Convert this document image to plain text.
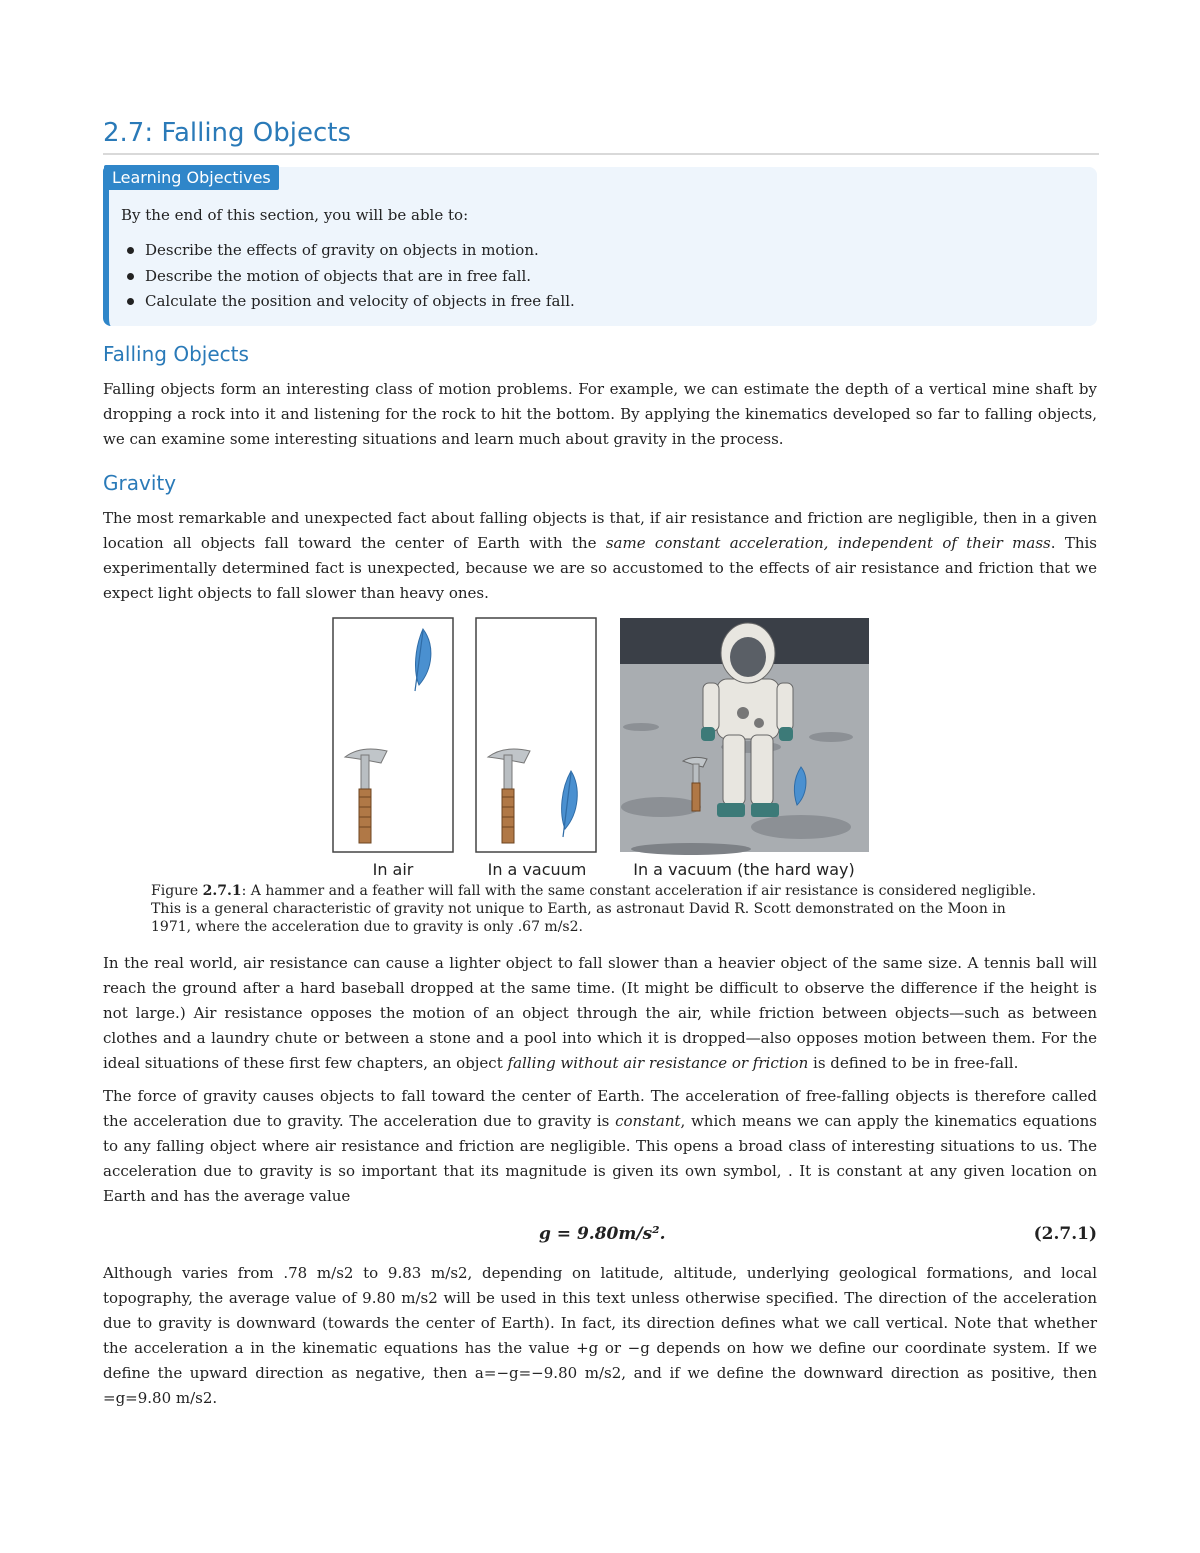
2.7: Falling Objects
Learning Objectives
By the end of this section, you will be able to:
Describe the effects of gravity on objects in motion.
Describe the motion of objects that are in free fall.
Calculate the position and velocity of objects in free fall.
Falling Objects

Falling objects form an interesting class of motion problems. For example, we can estimate the depth of a vertical mine shaft by dropping a rock into it and listening for the rock to hit the bottom. By applying the kinematics developed so far to falling objects, we can examine some interesting situations and learn much about gravity in the process.

Gravity

The most remarkable and unexpected fact about falling objects is that, if air resistance and friction are negligible, then in a given location all objects fall toward the center of Earth with the same constant acceleration, independent of their mass. This experimentally determined fact is unexpected, because we are so accustomed to the effects of air resistance and friction that we expect light objects to fall slower than heavy ones.

In air	In a vacuum	In a vacuum (the hard way)

Figure 2.7.1: A hammer and a feather will fall with the same constant acceleration if air resistance is considered negligible. This is a general characteristic of gravity not unique to Earth, as astronaut David R. Scott demonstrated on the Moon in 1971, where the acceleration due to gravity is only .67 m/s2.

In the real world, air resistance can cause a lighter object to fall slower than a heavier object of the same size. A tennis ball will reach the ground after a hard baseball dropped at the same time. (It might be difficult to observe the difference if the height is not large.) Air resistance opposes the motion of an object through the air, while friction between objects—such as between clothes and a laundry chute or between a stone and a pool into which it is dropped—also opposes motion between them. For the ideal situations of these first few chapters, an object falling without air resistance or friction is defined to be in free-fall.

The force of gravity causes objects to fall toward the center of Earth. The acceleration of free-falling objects is therefore called the acceleration due to gravity. The acceleration due to gravity is constant, which means we can apply the kinematics equations to any falling object where air resistance and friction are negligible. This opens a broad class of interesting situations to us. The acceleration due to gravity is so important that its magnitude is given its own symbol, . It is constant at any given location on Earth and has the average value

g = 9.80m/s².	(2.7.1)

Although varies from .78 m/s2 to 9.83 m/s2, depending on latitude, altitude, underlying geological formations, and local topography, the average value of 9.80 m/s2 will be used in this text unless otherwise specified. The direction of the acceleration due to gravity is downward (towards the center of Earth). In fact, its direction defines what we call vertical. Note that whether the acceleration a in the kinematic equations has the value +g or −g depends on how we define our coordinate system. If we define the upward direction as negative, then a=−g=−9.80 m/s2, and if we define the downward direction as positive, then =g=9.80 m/s2.
